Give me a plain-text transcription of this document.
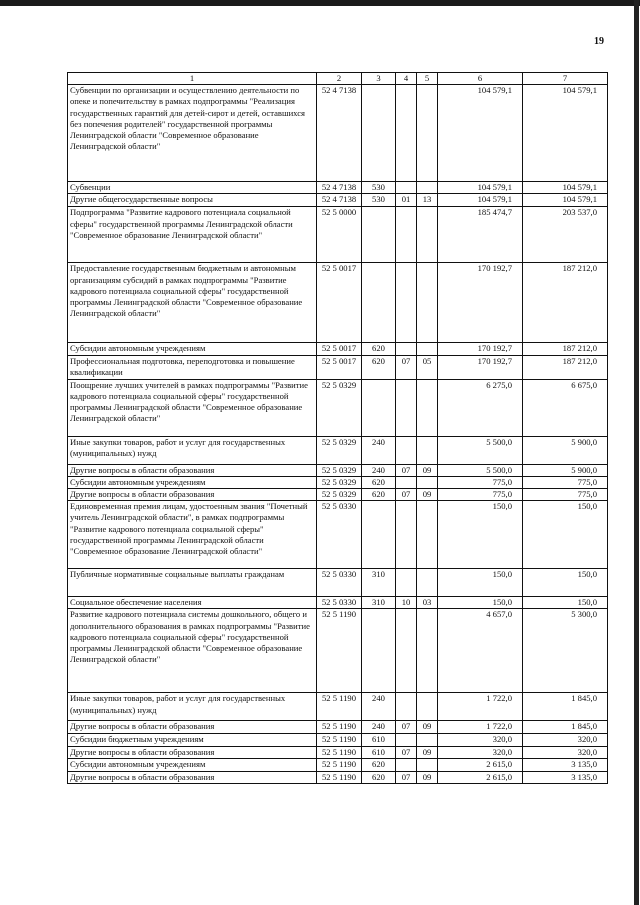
19
1	2	3	4	5	6	7
Субвенции по организации и осуществлению деятельности по опеке и попечительству в рамках подпрограммы "Реализация государственных гарантий для детей-сирот и детей, оставшихся без попечения родителей" государственной программы Ленинградской области "Современное образование Ленинградской области"	52 4 7138				104 579,1	104 579,1
Субвенции	52 4 7138	530			104 579,1	104 579,1
Другие общегосударственные вопросы	52 4 7138	530	01	13	104 579,1	104 579,1
Подпрограмма "Развитие кадрового потенциала социальной сферы" государственной программы Ленинградской области "Современное образование Ленинградской области"	52 5 0000				185 474,7	203 537,0
Предоставление государственным бюджетным и автономным организациям субсидий в рамках подпрограммы "Развитие кадрового потенциала социальной сферы" государственной программы Ленинградской области "Современное образование Ленинградской области"	52 5 0017				170 192,7	187 212,0
Субсидии автономным учреждениям	52 5 0017	620			170 192,7	187 212,0
Профессиональная подготовка, переподготовка и повышение квалификации	52 5 0017	620	07	05	170 192,7	187 212,0
Поощрение лучших учителей в рамках подпрограммы "Развитие кадрового потенциала социальной сферы" государственной программы Ленинградской области "Современное образование Ленинградской области"	52 5 0329				6 275,0	6 675,0
Иные закупки товаров, работ и услуг для государственных (муниципальных) нужд	52 5 0329	240			5 500,0	5 900,0
Другие вопросы в области образования	52 5 0329	240	07	09	5 500,0	5 900,0
Субсидии автономным учреждениям	52 5 0329	620			775,0	775,0
Другие вопросы в области образования	52 5 0329	620	07	09	775,0	775,0
Единовременная премия лицам, удостоенным звания "Почетный учитель Ленинградской области", в рамках подпрограммы "Развитие кадрового потенциала социальной сферы" государственной программы Ленинградской области "Современное образование Ленинградской области"	52 5 0330				150,0	150,0
Публичные нормативные социальные выплаты гражданам	52 5 0330	310			150,0	150,0
Социальное обеспечение населения	52 5 0330	310	10	03	150,0	150,0
Развитие кадрового потенциала системы дошкольного, общего и дополнительного образования в рамках подпрограммы "Развитие кадрового потенциала социальной сферы" государственной программы Ленинградской области "Современное образование Ленинградской области"	52 5 1190				4 657,0	5 300,0
Иные закупки товаров, работ и услуг для государственных (муниципальных) нужд	52 5 1190	240			1 722,0	1 845,0
Другие вопросы в области образования	52 5 1190	240	07	09	1 722,0	1 845,0
Субсидии бюджетным учреждениям	52 5 1190	610			320,0	320,0
Другие вопросы в области образования	52 5 1190	610	07	09	320,0	320,0
Субсидии автономным учреждениям	52 5 1190	620			2 615,0	3 135,0
Другие вопросы в области образования	52 5 1190	620	07	09	2 615,0	3 135,0
